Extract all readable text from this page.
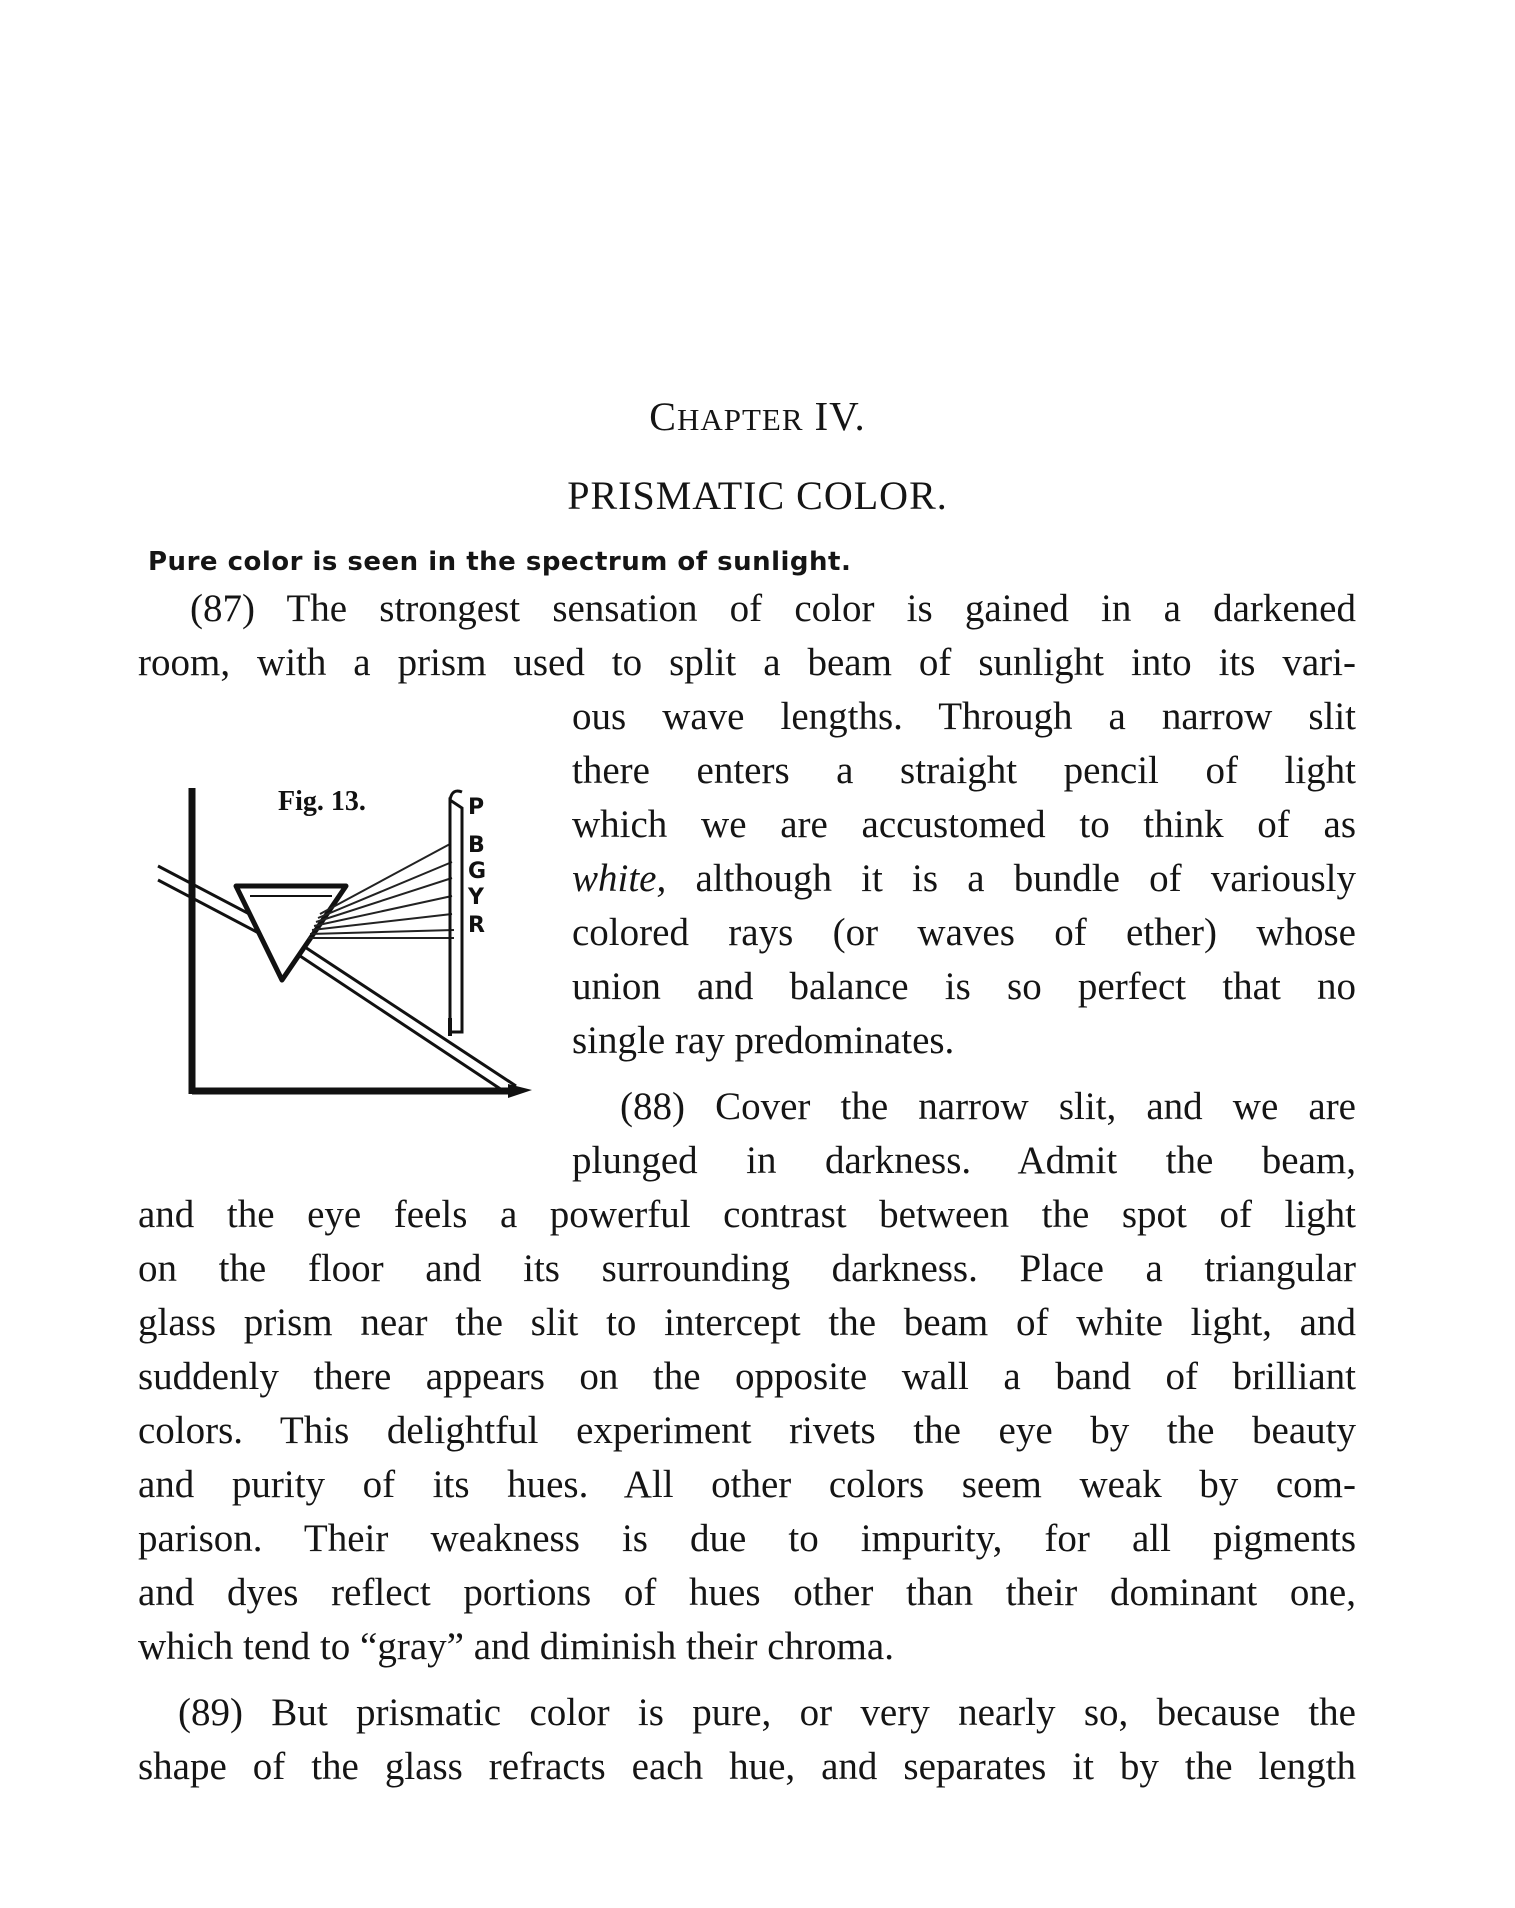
CHAPTER IV.
PRISMATIC COLOR.
Pure color is seen in the spectrum of sunlight.
(87) The strongest sensation of color is gained in a darkened
room, with a prism used to split a beam of sunlight into its vari-
ous wave lengths. Through a narrow slit
there enters a straight pencil of light
which we are accustomed to think of as
white, although it is a bundle of variously
colored rays (or waves of ether) whose
union and balance is so perfect that no
single ray predominates.
(88) Cover the narrow slit, and we are
plunged in darkness. Admit the beam,
and the eye feels a powerful contrast between the spot of light
on the floor and its surrounding darkness. Place a triangular
glass prism near the slit to intercept the beam of white light, and
suddenly there appears on the opposite wall a band of brilliant
colors. This delightful experiment rivets the eye by the beauty
and purity of its hues. All other colors seem weak by com-
parison. Their weakness is due to impurity, for all pigments
and dyes reflect portions of hues other than their dominant one,
which tend to “gray” and diminish their chroma.
(89) But prismatic color is pure, or very nearly so, because the
shape of the glass refracts each hue, and separates it by the length
Fig. 13.	P
B
G
Y
R
